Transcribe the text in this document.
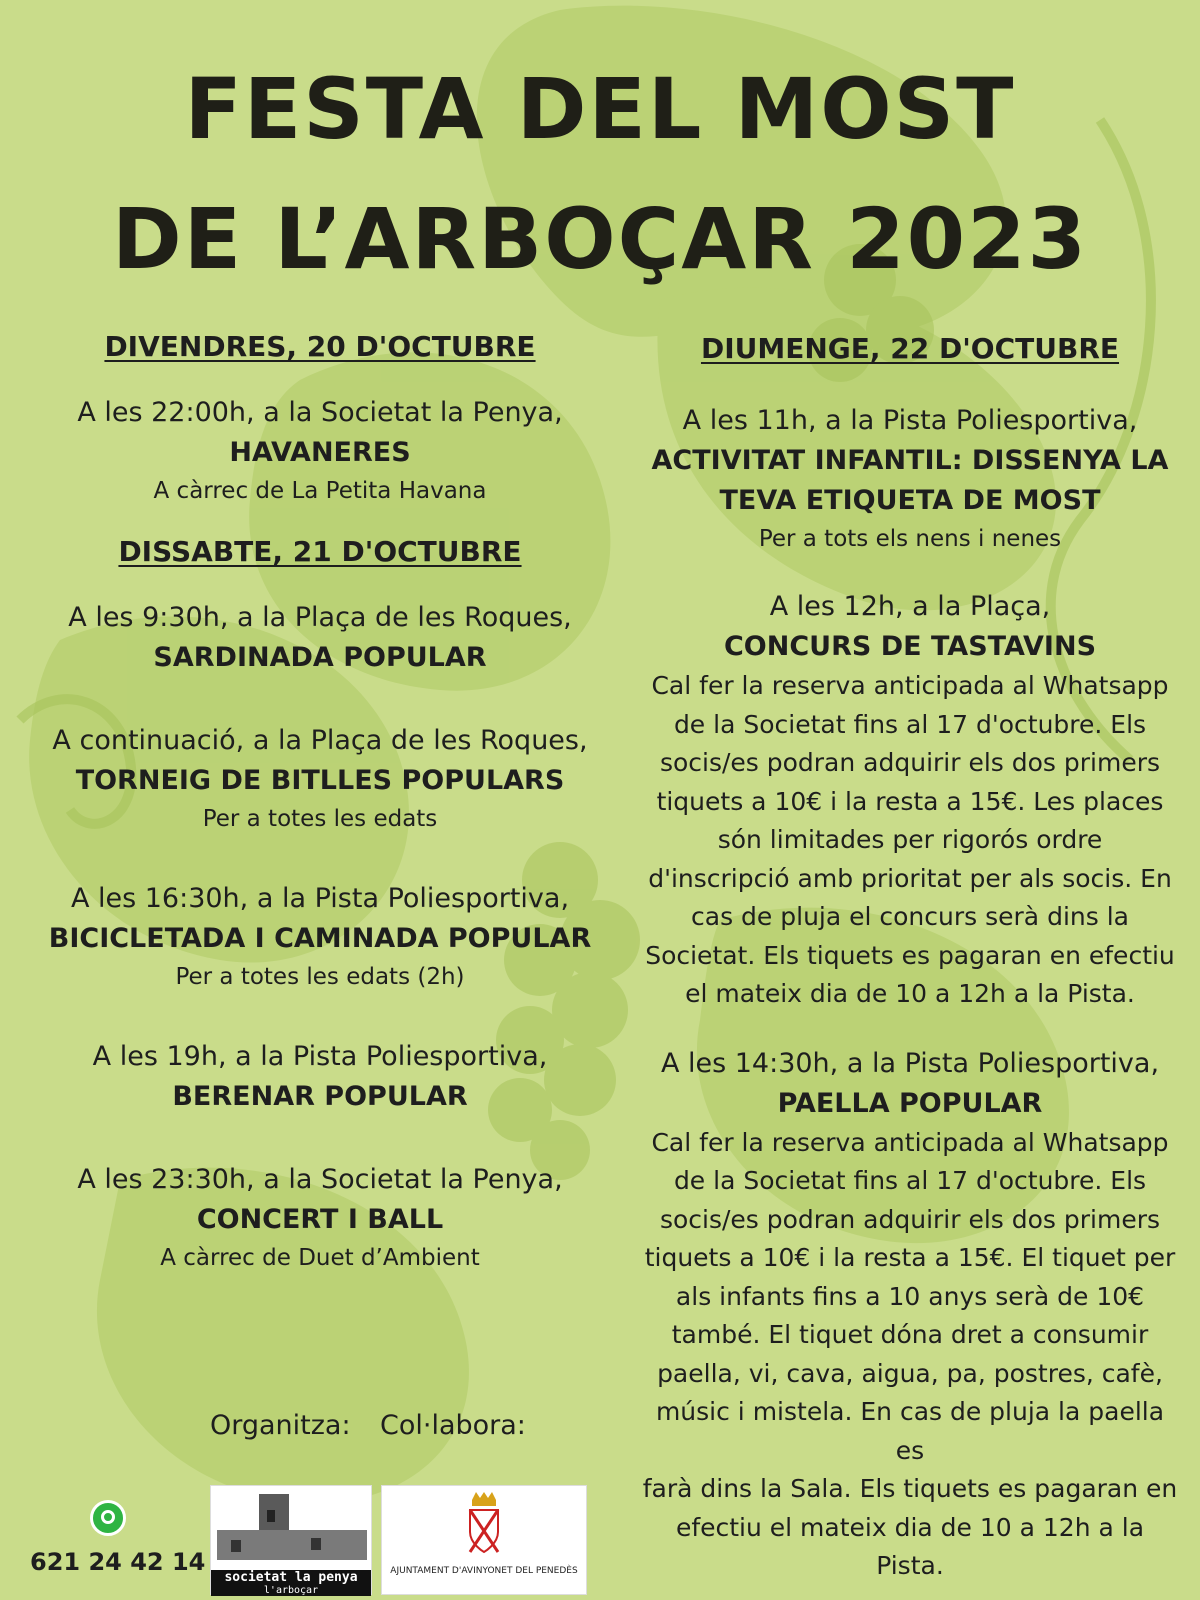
FESTA DEL MOST
DE L’ARBOÇAR 2023

DIVENDRES, 20 D'OCTUBRE

A les 22:00h, a la Societat la Penya,

HAVANERES

A càrrec de La Petita Havana

DISSABTE, 21 D'OCTUBRE

A les 9:30h, a la Plaça de les Roques,

SARDINADA POPULAR

A continuació, a la Plaça de les Roques,

TORNEIG DE BITLLES POPULARS

Per a totes les edats

A les 16:30h, a la Pista Poliesportiva,

BICICLETADA I CAMINADA POPULAR

Per a totes les edats (2h)

A les 19h, a la Pista Poliesportiva,

BERENAR POPULAR

A les 23:30h, a la Societat la Penya,

CONCERT I BALL

A càrrec de Duet d’Ambient

DIUMENGE, 22 D'OCTUBRE

A les 11h, a la Pista Poliesportiva,

ACTIVITAT INFANTIL: DISSENYA LA

TEVA ETIQUETA DE MOST

Per a tots els nens i nenes

A les 12h, a la Plaça,

CONCURS DE TASTAVINS

Cal fer la reserva anticipada al Whatsapp

de la Societat fins al 17 d'octubre. Els

socis/es podran adquirir els dos primers

tiquets a 10€ i la resta a 15€. Les places

són limitades per rigorós ordre

d'inscripció amb prioritat per als socis. En

cas de pluja el concurs serà dins la

Societat. Els tiquets es pagaran en efectiu

el mateix dia de 10 a 12h a la Pista.

A les 14:30h, a la Pista Poliesportiva,

PAELLA POPULAR

Cal fer la reserva anticipada al Whatsapp

de la Societat fins al 17 d'octubre. Els

socis/es podran adquirir els dos primers

tiquets a 10€ i la resta a 15€. El tiquet per

als infants fins a 10 anys serà de 10€

també. El tiquet dóna dret a consumir

paella, vi, cava, aigua, pa, postres, cafè,

músic i mistela. En cas de pluja la paella es

farà dins la Sala. Els tiquets es pagaran en

efectiu el mateix dia de 10 a 12h a la Pista.

Organitza: Col·labora:
societat la penya
l'arboçar
AJUNTAMENT D'AVINYONET DEL PENEDÈS
621 24 42 14
